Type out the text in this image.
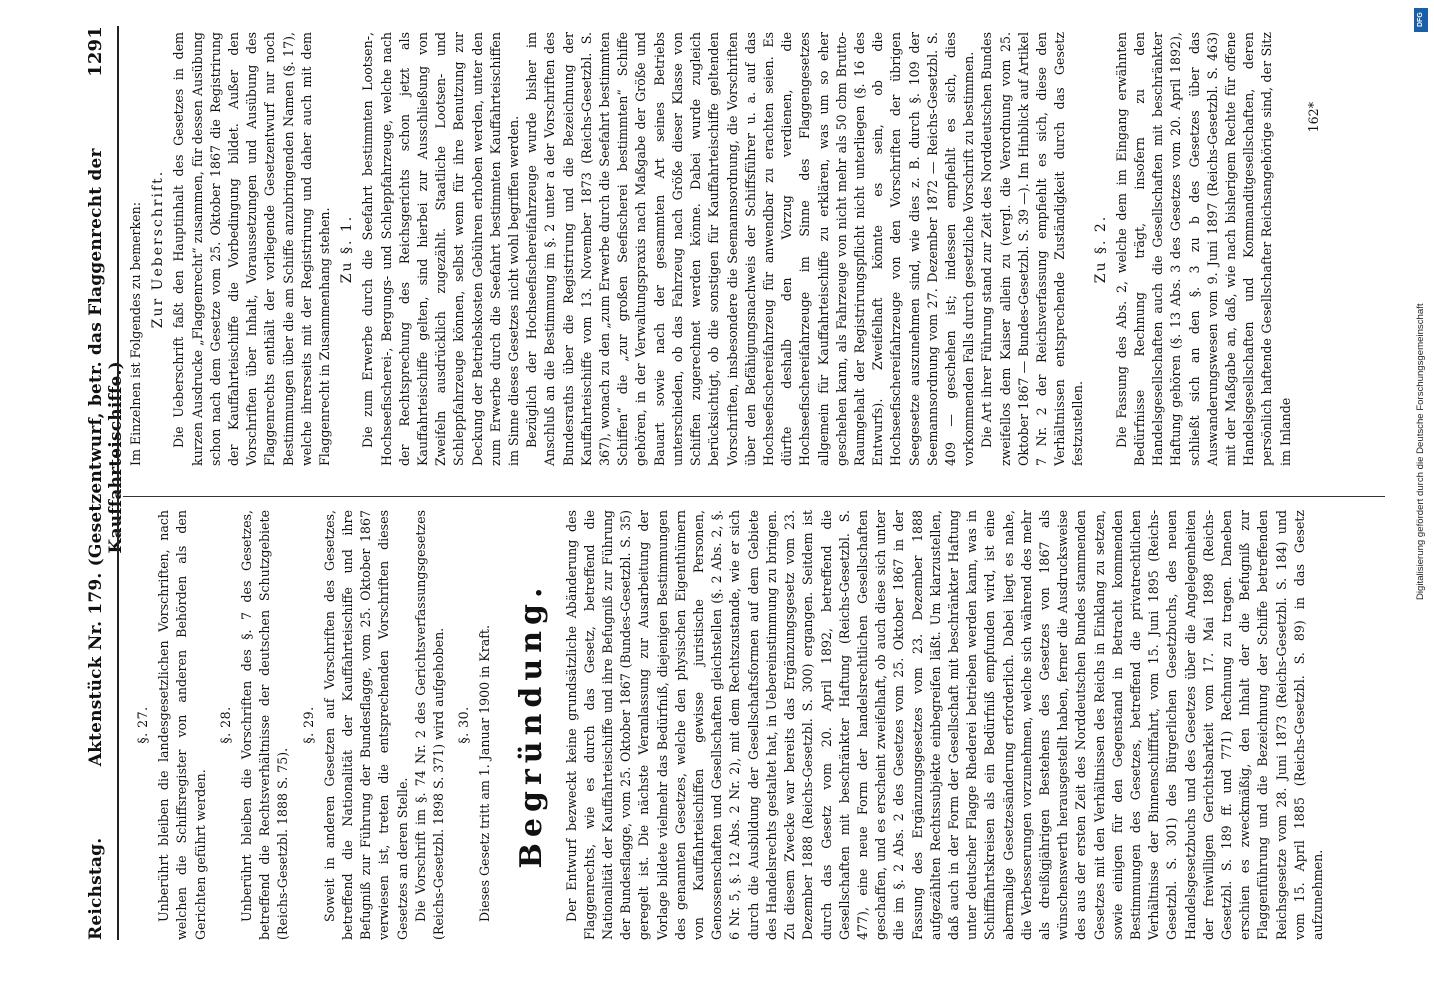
Reichstag.
Aktenstück Nr. 179. (Gesetzentwurf, betr. das Flaggenrecht der Kauffahrteischiffe.)
1291
§. 27. Unberührt bleiben die landesgesetzlichen Vorschriften, nach welchen die Schiffsregister von anderen Behörden als den Gerichten geführt werden.

§. 28. Unberührt bleiben die Vorschriften des §. 7 des Gesetzes, betreffend die Rechtsverhältnisse der deutschen Schutzgebiete (Reichs-Gesetzbl. 1888 S. 75).

§. 29. Soweit in anderen Gesetzen auf Vorschriften des Gesetzes, betreffend die Nationalität der Kauffahrteischiffe und ihre Befugniß zur Führung der Bundesflagge, vom 25. Oktober 1867 verwiesen ist, treten die entsprechenden Vorschriften dieses Gesetzes an deren Stelle. Die Vorschrift im §. 74 Nr. 2 des Gerichtsverfassungsgesetzes (Reichs-Gesetzbl. 1898 S. 371) wird aufgehoben. §. 30. Dieses Gesetz tritt am 1. Januar 1900 in Kraft. Begründung. Der Entwurf bezweckt keine grundsätzliche Abänderung des Flaggenrechts, wie es durch das Gesetz, betreffend die Nationalität der Kauffahrteischiffe und ihre Befugniß zur Führung der Bundesflagge, vom 25. Oktober 1867 (Bundes-Gesetzbl. S. 35) geregelt ist. Die nächste Veranlassung zur Ausarbeitung der Vorlage bildete vielmehr das Bedürfniß, diejenigen Bestimmungen des genannten Gesetzes, welche den physischen Eigenthümern von Kauffahrteischiffen gewisse juristische Personen, Genossenschaften und Gesellschaften gleichstellen (§. 2 Abs. 2, §. 6 Nr. 5, §. 12 Abs. 2 Nr. 2), mit dem Rechtszustande, wie er sich durch die Ausbildung der Gesellschaftsformen auf dem Gebiete des Handelsrechts gestaltet hat, in Uebereinstimmung zu bringen. Zu diesem Zwecke war bereits das Ergänzungsgesetz vom 23. Dezember 1888 (Reichs-Gesetzbl. S. 300) ergangen. Seitdem ist durch das Gesetz vom 20. April 1892, betreffend die Gesellschaften mit beschränkter Haftung (Reichs-Gesetzbl. S. 477), eine neue Form der handelsrechtlichen Gesellschaften geschaffen, und es erscheint zweifelhaft, ob auch diese sich unter die im §. 2 Abs. 2 des Gesetzes vom 25. Oktober 1867 in der Fassung des Ergänzungsgesetzes vom 23. Dezember 1888 aufgezählten Rechtssubjekte einbegreifen läßt. Um klarzustellen, daß auch in der Form der Gesellschaft mit beschränkter Haftung unter deutscher Flagge Rhederei betrieben werden kann, was in Schifffahrtskreisen als ein Bedürfniß empfunden wird, ist eine abermalige Gesetzesänderung erforderlich. Dabei liegt es nahe, die Verbesserungen vorzunehmen, welche sich während des mehr als dreißigjährigen Bestehens des Gesetzes von 1867 als wünschenswerth herausgestellt haben, ferner die Ausdrucksweise des aus der ersten Zeit des Norddeutschen Bundes stammenden Gesetzes mit den Verhältnissen des Reichs in Einklang zu setzen, sowie einigen für den Gegenstand in Betracht kommenden Bestimmungen des Gesetzes, betreffend die privatrechtlichen Verhältnisse der Binnenschifffahrt, vom 15. Juni 1895 (Reichs-Gesetzbl. S. 301) des Bürgerlichen Gesetzbuchs, des neuen Handelsgesetzbuchs und des Gesetzes über die Angelegenheiten der freiwilligen Gerichtsbarkeit vom 17. Mai 1898 (Reichs-Gesetzbl. S. 189 ff. und 771) Rechnung zu tragen. Daneben erschien es zweckmäßig, den Inhalt der die Befugniß zur Flaggenführung und die Bezeichnung der Schiffe betreffenden Reichsgesetze vom 28. Juni 1873 (Reichs-Gesetzbl. S. 184) und vom 15. April 1885 (Reichs-Gesetzbl. S. 89) in das Gesetz aufzunehmen.

Im Einzelnen ist Folgendes zu bemerken: Zur Ueberschrift. Die Ueberschrift faßt den Hauptinhalt des Gesetzes in dem kurzen Ausdrucke „Flaggenrecht“ zusammen, für dessen Ausübung schon nach dem Gesetze vom 25. Oktober 1867 die Registrirung der Kauffahrteischiffe die Vorbedingung bildet. Außer den Vorschriften über Inhalt, Voraussetzungen und Ausübung des Flaggenrechts enthält der vorliegende Gesetzentwurf nur noch Bestimmungen über die am Schiffe anzubringenden Namen (§. 17), welche ihrerseits mit der Registrirung und daher auch mit dem Flaggenrecht in Zusammenhang stehen. Zu §. 1. Die zum Erwerbe durch die Seefahrt bestimmten Lootsen-, Hochseefischerei-, Bergungs- und Schleppfahrzeuge, welche nach der Rechtsprechung des Reichsgerichts schon jetzt als Kauffahrteischiffe gelten, sind hierbei zur Ausschließung von Zweifeln ausdrücklich zugezählt. Staatliche Lootsen- und Schleppfahrzeuge können, selbst wenn für ihre Benutzung zur Deckung der Betriebskosten Gebühren erhoben werden, unter den zum Erwerbe durch die Seefahrt bestimmten Kauffahrteischiffen im Sinne dieses Gesetzes nicht wohl begriffen werden. Bezüglich der Hochseefischereifahrzeuge wurde bisher im Anschluß an die Bestimmung im §. 2 unter a der Vorschriften des Bundesraths über die Registrirung und die Bezeichnung der Kauffahrteischiffe vom 13. November 1873 (Reichs-Gesetzbl. S. 367), wonach zu den „zum Erwerbe durch die Seefahrt bestimmten Schiffen“ die „zur großen Seefischerei bestimmten“ Schiffe gehören, in der Verwaltungspraxis nach Maßgabe der Größe und Bauart sowie nach der gesammten Art seines Betriebs unterschieden, ob das Fahrzeug nach Größe dieser Klasse von Schiffen zugerechnet werden könne. Dabei wurde zugleich berücksichtigt, ob die sonstigen für Kauffahrteischiffe geltenden Vorschriften, insbesondere die Seemannsordnung, die Vorschriften über den Befähigungsnachweis der Schiffsführer u. a. auf das Hochseefischereifahrzeug für anwendbar zu erachten seien. Es dürfte deshalb den Vorzug verdienen, die Hochseefischereifahrzeuge im Sinne des Flaggengesetzes allgemein für Kauffahrteischiffe zu erklären, was um so eher geschehen kann, als Fahrzeuge von nicht mehr als 50 cbm Brutto-Raumgehalt der Registrirungspflicht nicht unterliegen (§. 16 des Entwurfs). Zweifelhaft könnte es sein, ob die Hochseefischereifahrzeuge von den Vorschriften der übrigen Seegesetze auszunehmen sind, wie dies z. B. durch §. 109 der Seemannsordnung vom 27. Dezember 1872 — Reichs-Gesetzbl. S. 409 — geschehen ist; indessen empfiehlt es sich, dies vorkommenden Falls durch gesetzliche Vorschrift zu bestimmen. Die Art ihrer Führung stand zur Zeit des Norddeutschen Bundes zweifellos dem Kaiser allein zu (vergl. die Verordnung vom 25. Oktober 1867 — Bundes-Gesetzbl. S. 39 —). Im Hinblick auf Artikel 7 Nr. 2 der Reichsverfassung empfiehlt es sich, diese den Verhältnissen entsprechende Zuständigkeit durch das Gesetz festzustellen.

Zu §. 2. Die Fassung des Abs. 2, welche dem im Eingang erwähnten Bedürfnisse Rechnung trägt, insofern zu den Handelsgesellschaften auch die Gesellschaften mit beschränkter Haftung gehören (§. 13 Abs. 3 des Gesetzes vom 20. April 1892), schließt sich an den §. 3 zu b des Gesetzes über das Auswanderungswesen vom 9. Juni 1897 (Reichs-Gesetzbl. S. 463) mit der Maßgabe an, daß, wie nach bisherigem Rechte für offene Handelsgesellschaften und Kommanditgesellschaften, deren persönlich haftende Gesellschafter Reichsangehörige sind, der Sitz im Inlande

162*
DFG
Digitalisierung gefördert durch die Deutsche Forschungsgemeinschaft
